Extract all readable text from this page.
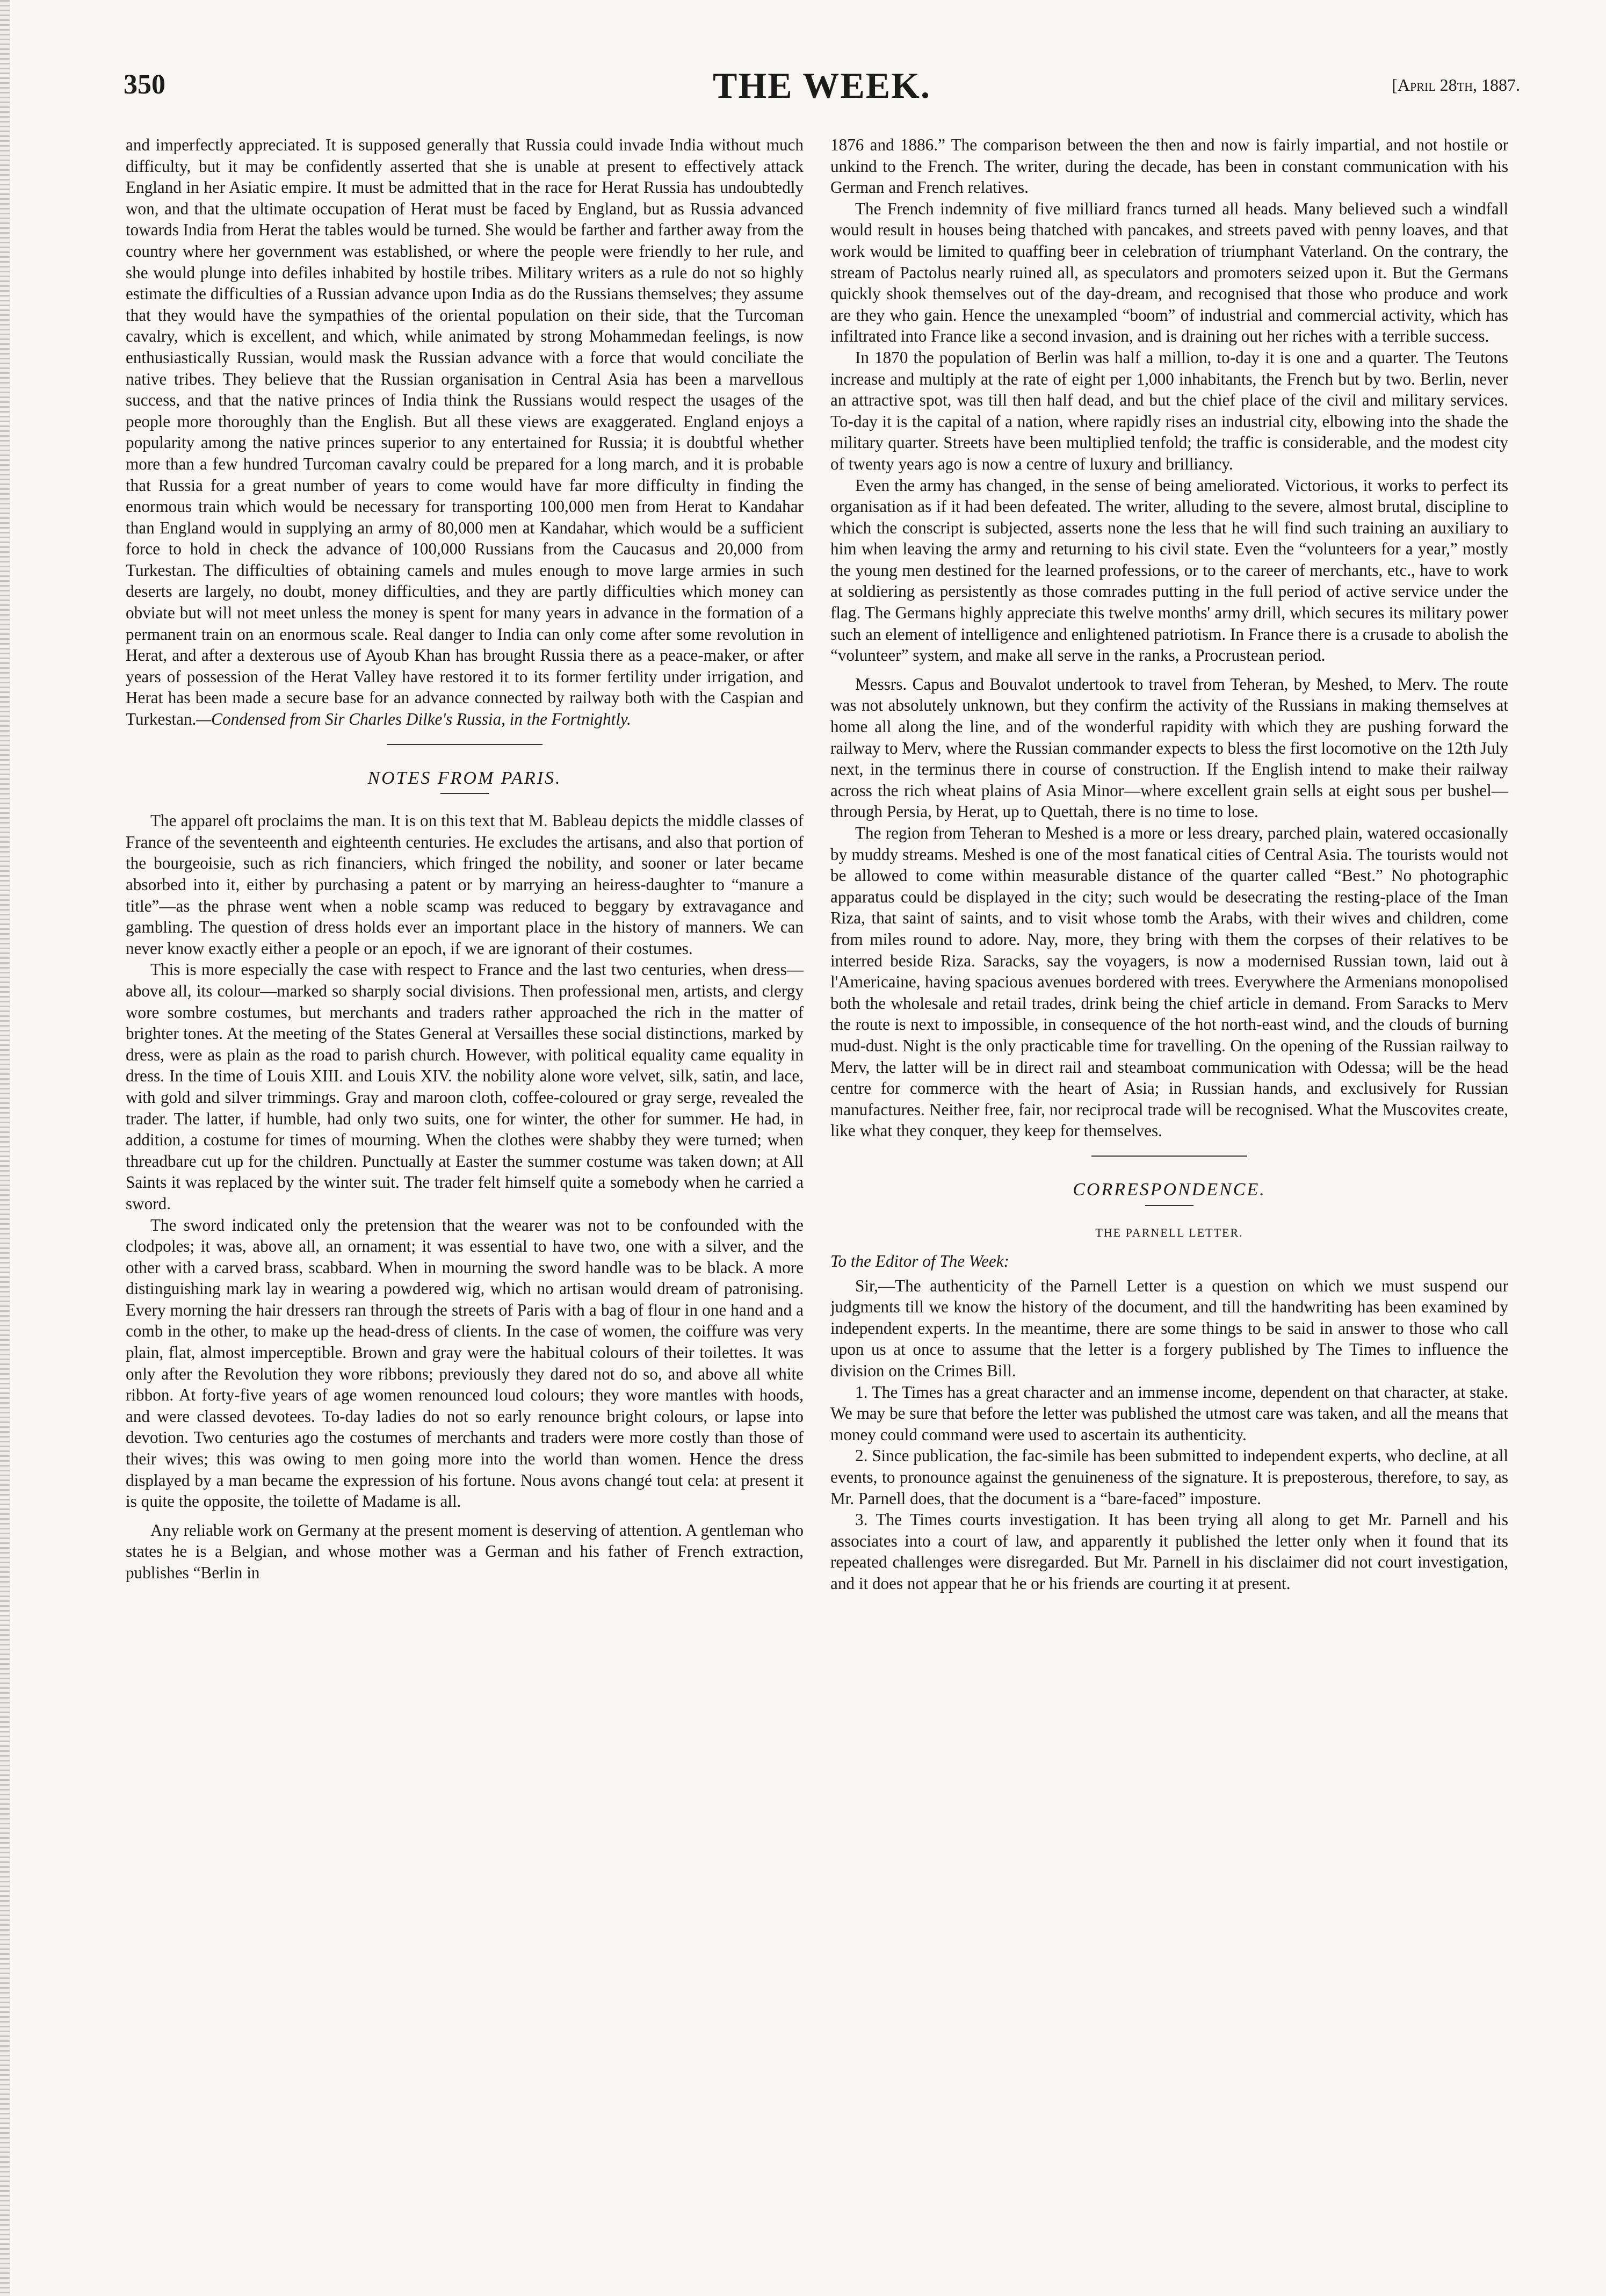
350	THE WEEK.	[April 28th, 1887.

and imperfectly appreciated. It is supposed generally that Russia could invade India without much difficulty, but it may be confidently asserted that she is unable at present to effectively attack England in her Asiatic empire. It must be admitted that in the race for Herat Russia has undoubtedly won, and that the ultimate occupation of Herat must be faced by England, but as Russia advanced towards India from Herat the tables would be turned. She would be farther and farther away from the country where her government was established, or where the people were friendly to her rule, and she would plunge into defiles inhabited by hostile tribes. Military writers as a rule do not so highly estimate the difficulties of a Russian advance upon India as do the Russians themselves; they assume that they would have the sympathies of the oriental population on their side, that the Turcoman cavalry, which is excellent, and which, while animated by strong Mohammedan feelings, is now enthusiastically Russian, would mask the Russian advance with a force that would conciliate the native tribes. They believe that the Russian organisation in Central Asia has been a marvellous success, and that the native princes of India think the Russians would respect the usages of the people more thoroughly than the English. But all these views are exaggerated. England enjoys a popularity among the native princes superior to any entertained for Russia; it is doubtful whether more than a few hundred Turcoman cavalry could be prepared for a long march, and it is probable that Russia for a great number of years to come would have far more difficulty in finding the enormous train which would be necessary for transporting 100,000 men from Herat to Kandahar than England would in supplying an army of 80,000 men at Kandahar, which would be a sufficient force to hold in check the advance of 100,000 Russians from the Caucasus and 20,000 from Turkestan. The difficulties of obtaining camels and mules enough to move large armies in such deserts are largely, no doubt, money difficulties, and they are partly difficulties which money can obviate but will not meet unless the money is spent for many years in advance in the formation of a permanent train on an enormous scale. Real danger to India can only come after some revolution in Herat, and after a dexterous use of Ayoub Khan has brought Russia there as a peace-maker, or after years of possession of the Herat Valley have restored it to its former fertility under irrigation, and Herat has been made a secure base for an advance connected by railway both with the Caspian and Turkestan.—Condensed from Sir Charles Dilke's Russia, in the Fortnightly.

NOTES FROM PARIS.

The apparel oft proclaims the man. It is on this text that M. Bableau depicts the middle classes of France of the seventeenth and eighteenth centuries. He excludes the artisans, and also that portion of the bourgeoisie, such as rich financiers, which fringed the nobility, and sooner or later became absorbed into it, either by purchasing a patent or by marrying an heiress-daughter to “manure a title”—as the phrase went when a noble scamp was reduced to beggary by extravagance and gambling. The question of dress holds ever an important place in the history of manners. We can never know exactly either a people or an epoch, if we are ignorant of their costumes.

This is more especially the case with respect to France and the last two centuries, when dress—above all, its colour—marked so sharply social divisions. Then professional men, artists, and clergy wore sombre costumes, but merchants and traders rather approached the rich in the matter of brighter tones. At the meeting of the States General at Versailles these social distinctions, marked by dress, were as plain as the road to parish church. However, with political equality came equality in dress. In the time of Louis XIII. and Louis XIV. the nobility alone wore velvet, silk, satin, and lace, with gold and silver trimmings. Gray and maroon cloth, coffee-coloured or gray serge, revealed the trader. The latter, if humble, had only two suits, one for winter, the other for summer. He had, in addition, a costume for times of mourning. When the clothes were shabby they were turned; when threadbare cut up for the children. Punctually at Easter the summer costume was taken down; at All Saints it was replaced by the winter suit. The trader felt himself quite a somebody when he carried a sword.

The sword indicated only the pretension that the wearer was not to be confounded with the clodpoles; it was, above all, an ornament; it was essential to have two, one with a silver, and the other with a carved brass, scabbard. When in mourning the sword handle was to be black. A more distinguishing mark lay in wearing a powdered wig, which no artisan would dream of patronising. Every morning the hair dressers ran through the streets of Paris with a bag of flour in one hand and a comb in the other, to make up the head-dress of clients. In the case of women, the coiffure was very plain, flat, almost imperceptible. Brown and gray were the habitual colours of their toilettes. It was only after the Revolution they wore ribbons; previously they dared not do so, and above all white ribbon. At forty-five years of age women renounced loud colours; they wore mantles with hoods, and were classed devotees. To-day ladies do not so early renounce bright colours, or lapse into devotion. Two centuries ago the costumes of merchants and traders were more costly than those of their wives; this was owing to men going more into the world than women. Hence the dress displayed by a man became the expression of his fortune. Nous avons changé tout cela: at present it is quite the opposite, the toilette of Madame is all.

Any reliable work on Germany at the present moment is deserving of attention. A gentleman who states he is a Belgian, and whose mother was a German and his father of French extraction, publishes “Berlin in

1876 and 1886.” The comparison between the then and now is fairly impartial, and not hostile or unkind to the French. The writer, during the decade, has been in constant communication with his German and French relatives.

The French indemnity of five milliard francs turned all heads. Many believed such a windfall would result in houses being thatched with pancakes, and streets paved with penny loaves, and that work would be limited to quaffing beer in celebration of triumphant Vaterland. On the contrary, the stream of Pactolus nearly ruined all, as speculators and promoters seized upon it. But the Germans quickly shook themselves out of the day-dream, and recognised that those who produce and work are they who gain. Hence the unexampled “boom” of industrial and commercial activity, which has infiltrated into France like a second invasion, and is draining out her riches with a terrible success.

In 1870 the population of Berlin was half a million, to-day it is one and a quarter. The Teutons increase and multiply at the rate of eight per 1,000 inhabitants, the French but by two. Berlin, never an attractive spot, was till then half dead, and but the chief place of the civil and military services. To-day it is the capital of a nation, where rapidly rises an industrial city, elbowing into the shade the military quarter. Streets have been multiplied tenfold; the traffic is considerable, and the modest city of twenty years ago is now a centre of luxury and brilliancy.

Even the army has changed, in the sense of being ameliorated. Victorious, it works to perfect its organisation as if it had been defeated. The writer, alluding to the severe, almost brutal, discipline to which the conscript is subjected, asserts none the less that he will find such training an auxiliary to him when leaving the army and returning to his civil state. Even the “volunteers for a year,” mostly the young men destined for the learned professions, or to the career of merchants, etc., have to work at soldiering as persistently as those comrades putting in the full period of active service under the flag. The Germans highly appreciate this twelve months' army drill, which secures its military power such an element of intelligence and enlightened patriotism. In France there is a crusade to abolish the “volunteer” system, and make all serve in the ranks, a Procrustean period.

Messrs. Capus and Bouvalot undertook to travel from Teheran, by Meshed, to Merv. The route was not absolutely unknown, but they confirm the activity of the Russians in making themselves at home all along the line, and of the wonderful rapidity with which they are pushing forward the railway to Merv, where the Russian commander expects to bless the first locomotive on the 12th July next, in the terminus there in course of construction. If the English intend to make their railway across the rich wheat plains of Asia Minor—where excellent grain sells at eight sous per bushel—through Persia, by Herat, up to Quettah, there is no time to lose.

The region from Teheran to Meshed is a more or less dreary, parched plain, watered occasionally by muddy streams. Meshed is one of the most fanatical cities of Central Asia. The tourists would not be allowed to come within measurable distance of the quarter called “Best.” No photographic apparatus could be displayed in the city; such would be desecrating the resting-place of the Iman Riza, that saint of saints, and to visit whose tomb the Arabs, with their wives and children, come from miles round to adore. Nay, more, they bring with them the corpses of their relatives to be interred beside Riza. Saracks, say the voyagers, is now a modernised Russian town, laid out à l'Americaine, having spacious avenues bordered with trees. Everywhere the Armenians monopolised both the wholesale and retail trades, drink being the chief article in demand. From Saracks to Merv the route is next to impossible, in consequence of the hot north-east wind, and the clouds of burning mud-dust. Night is the only practicable time for travelling. On the opening of the Russian railway to Merv, the latter will be in direct rail and steamboat communication with Odessa; will be the head centre for commerce with the heart of Asia; in Russian hands, and exclusively for Russian manufactures. Neither free, fair, nor reciprocal trade will be recognised. What the Muscovites create, like what they conquer, they keep for themselves.

CORRESPONDENCE.
THE PARNELL LETTER.

To the Editor of The Week:

Sir,—The authenticity of the Parnell Letter is a question on which we must suspend our judgments till we know the history of the document, and till the handwriting has been examined by independent experts. In the meantime, there are some things to be said in answer to those who call upon us at once to assume that the letter is a forgery published by The Times to influence the division on the Crimes Bill.

1. The Times has a great character and an immense income, dependent on that character, at stake. We may be sure that before the letter was published the utmost care was taken, and all the means that money could command were used to ascertain its authenticity.

2. Since publication, the fac-simile has been submitted to independent experts, who decline, at all events, to pronounce against the genuineness of the signature. It is preposterous, therefore, to say, as Mr. Parnell does, that the document is a “bare-faced” imposture.

3. The Times courts investigation. It has been trying all along to get Mr. Parnell and his associates into a court of law, and apparently it published the letter only when it found that its repeated challenges were disregarded. But Mr. Parnell in his disclaimer did not court investigation, and it does not appear that he or his friends are courting it at present.
